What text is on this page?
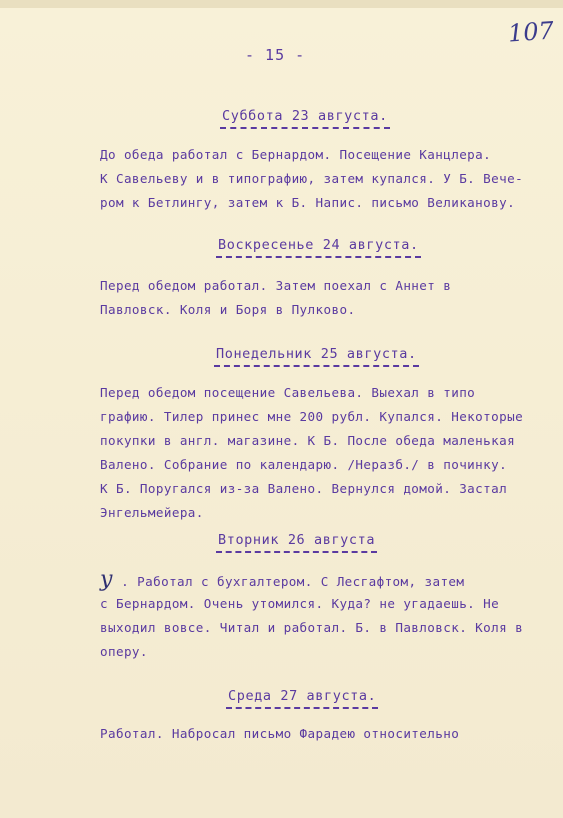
107
- 15 -
Суббота 23 августа.
До обеда работал с Бернардом. Посещение Канцлера.
К Савельеву и в типографию, затем купался. У Б. Вече-
ром к Бетлингу, затем к Б. Напис. письмо Великанову.
Воскресенье 24 августа.
Перед обедом работал. Затем поехал с Аннет в
Павловск. Коля и Боря в Пулково.
Понедельник 25 августа.
Перед обедом посещение Савельева. Выехал в типо
графию. Тилер принес мне 200 рубл. Купался. Некоторые
покупки в англ. магазине. К Б. После обеда маленькая
Валено. Собрание по календарю. /Неразб./ в починку.
К Б. Поругался из-за Валено. Вернулся домой. Застал
Энгельмейера.
Вторник 26 августа
у . Работал с бухгалтером. С Лесгафтом, затем
с Бернардом. Очень утомился. Куда? не угадаешь. Не
выходил вовсе. Читал и работал. Б. в Павловск. Коля в
оперу.
Среда 27 августа.
Работал. Набросал письмо Фарадею относительно
